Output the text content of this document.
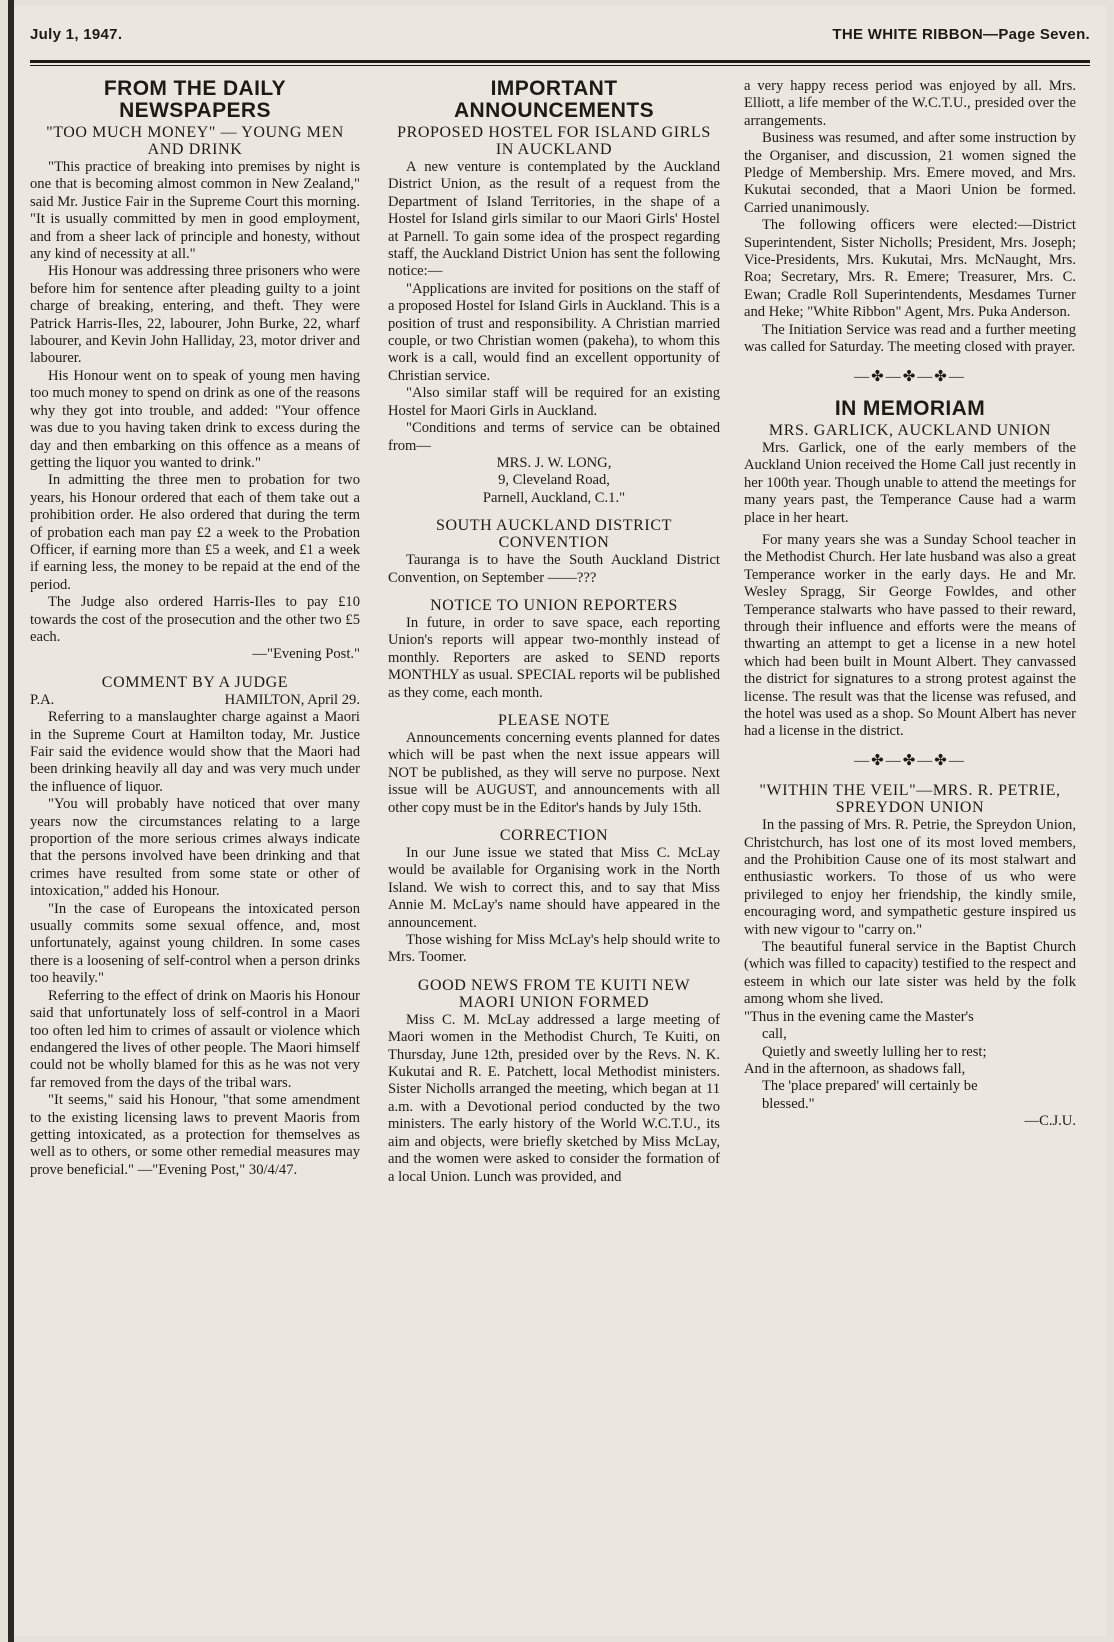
July 1, 1947.	THE WHITE RIBBON—Page Seven.
FROM THE DAILY NEWSPAPERS
"TOO MUCH MONEY" — YOUNG MEN AND DRINK

"This practice of breaking into premises by night is one that is becoming almost common in New Zealand," said Mr. Justice Fair in the Supreme Court this morning. "It is usually committed by men in good employment, and from a sheer lack of principle and honesty, without any kind of necessity at all."

His Honour was addressing three prisoners who were before him for sentence after pleading guilty to a joint charge of breaking, entering, and theft. They were Patrick Harris-Iles, 22, labourer, John Burke, 22, wharf labourer, and Kevin John Halliday, 23, motor driver and labourer.

His Honour went on to speak of young men having too much money to spend on drink as one of the reasons why they got into trouble, and added: "Your offence was due to you having taken drink to excess during the day and then embarking on this offence as a means of getting the liquor you wanted to drink."

In admitting the three men to probation for two years, his Honour ordered that each of them take out a prohibition order. He also ordered that during the term of probation each man pay £2 a week to the Probation Officer, if earning more than £5 a week, and £1 a week if earning less, the money to be repaid at the end of the period.

The Judge also ordered Harris-Iles to pay £10 towards the cost of the prosecution and the other two £5 each.

—"Evening Post."

COMMENT BY A JUDGE
P.A.	HAMILTON, April 29.

Referring to a manslaughter charge against a Maori in the Supreme Court at Hamilton today, Mr. Justice Fair said the evidence would show that the Maori had been drinking heavily all day and was very much under the influence of liquor.

"You will probably have noticed that over many years now the circumstances relating to a large proportion of the more serious crimes always indicate that the persons involved have been drinking and that crimes have resulted from some state or other of intoxication," added his Honour.

"In the case of Europeans the intoxicated person usually commits some sexual offence, and, most unfortunately, against young children. In some cases there is a loosening of self-control when a person drinks too heavily."

Referring to the effect of drink on Maoris his Honour said that unfortunately loss of self-control in a Maori too often led him to crimes of assault or violence which endangered the lives of other people. The Maori himself could not be wholly blamed for this as he was not very far removed from the days of the tribal wars.

"It seems," said his Honour, "that some amendment to the existing licensing laws to prevent Maoris from getting intoxicated, as a protection for themselves as well as to others, or some other remedial measures may prove beneficial." —"Evening Post," 30/4/47.

IMPORTANT ANNOUNCEMENTS
PROPOSED HOSTEL FOR ISLAND GIRLS IN AUCKLAND

A new venture is contemplated by the Auckland District Union, as the result of a request from the Department of Island Territories, in the shape of a Hostel for Island girls similar to our Maori Girls' Hostel at Parnell. To gain some idea of the prospect regarding staff, the Auckland District Union has sent the following notice:—

"Applications are invited for positions on the staff of a proposed Hostel for Island Girls in Auckland. This is a position of trust and responsibility. A Christian married couple, or two Christian women (pakeha), to whom this work is a call, would find an excellent opportunity of Christian service.

"Also similar staff will be required for an existing Hostel for Maori Girls in Auckland.

"Conditions and terms of service can be obtained from—

MRS. J. W. LONG,

9, Cleveland Road,

Parnell, Auckland, C.1."

SOUTH AUCKLAND DISTRICT CONVENTION

Tauranga is to have the South Auckland District Convention, on September ——???

NOTICE TO UNION REPORTERS

In future, in order to save space, each reporting Union's reports will appear two-monthly instead of monthly. Reporters are asked to SEND reports MONTHLY as usual. SPECIAL reports wil be published as they come, each month.

PLEASE NOTE

Announcements concerning events planned for dates which will be past when the next issue appears will NOT be published, as they will serve no purpose. Next issue will be AUGUST, and announcements with all other copy must be in the Editor's hands by July 15th.

CORRECTION

In our June issue we stated that Miss C. McLay would be available for Organising work in the North Island. We wish to correct this, and to say that Miss Annie M. McLay's name should have appeared in the announcement.

Those wishing for Miss McLay's help should write to Mrs. Toomer.

GOOD NEWS FROM TE KUITI NEW MAORI UNION FORMED

Miss C. M. McLay addressed a large meeting of Maori women in the Methodist Church, Te Kuiti, on Thursday, June 12th, presided over by the Revs. N. K. Kukutai and R. E. Patchett, local Methodist ministers. Sister Nicholls arranged the meeting, which began at 11 a.m. with a Devotional period conducted by the two ministers. The early history of the World W.C.T.U., its aim and objects, were briefly sketched by Miss McLay, and the women were asked to consider the formation of a local Union. Lunch was provided, and

a very happy recess period was enjoyed by all. Mrs. Elliott, a life member of the W.C.T.U., presided over the arrangements.

Business was resumed, and after some instruction by the Organiser, and discussion, 21 women signed the Pledge of Membership. Mrs. Emere moved, and Mrs. Kukutai seconded, that a Maori Union be formed. Carried unanimously.

The following officers were elected:—District Superintendent, Sister Nicholls; President, Mrs. Joseph; Vice-Presidents, Mrs. Kukutai, Mrs. McNaught, Mrs. Roa; Secretary, Mrs. R. Emere; Treasurer, Mrs. C. Ewan; Cradle Roll Superintendents, Mesdames Turner and Heke; "White Ribbon" Agent, Mrs. Puka Anderson.

The Initiation Service was read and a further meeting was called for Saturday. The meeting closed with prayer.

—✤—✤—✤—
IN MEMORIAM
MRS. GARLICK, AUCKLAND UNION

Mrs. Garlick, one of the early members of the Auckland Union received the Home Call just recently in her 100th year. Though unable to attend the meetings for many years past, the Temperance Cause had a warm place in her heart.

For many years she was a Sunday School teacher in the Methodist Church. Her late husband was also a great Temperance worker in the early days. He and Mr. Wesley Spragg, Sir George Fowldes, and other Temperance stalwarts who have passed to their reward, through their influence and efforts were the means of thwarting an attempt to get a license in a new hotel which had been built in Mount Albert. They canvassed the district for signatures to a strong protest against the license. The result was that the license was refused, and the hotel was used as a shop. So Mount Albert has never had a license in the district.

—✤—✤—✤—
"WITHIN THE VEIL"—MRS. R. PETRIE, SPREYDON UNION

In the passing of Mrs. R. Petrie, the Spreydon Union, Christchurch, has lost one of its most loved members, and the Prohibition Cause one of its most stalwart and enthusiastic workers. To those of us who were privileged to enjoy her friendship, the kindly smile, encouraging word, and sympathetic gesture inspired us with new vigour to "carry on."

The beautiful funeral service in the Baptist Church (which was filled to capacity) testified to the respect and esteem in which our late sister was held by the folk among whom she lived.

"Thus in the evening came the Master's

call,

Quietly and sweetly lulling her to rest;

And in the afternoon, as shadows fall,

The 'place prepared' will certainly be

blessed."

—C.J.U.
